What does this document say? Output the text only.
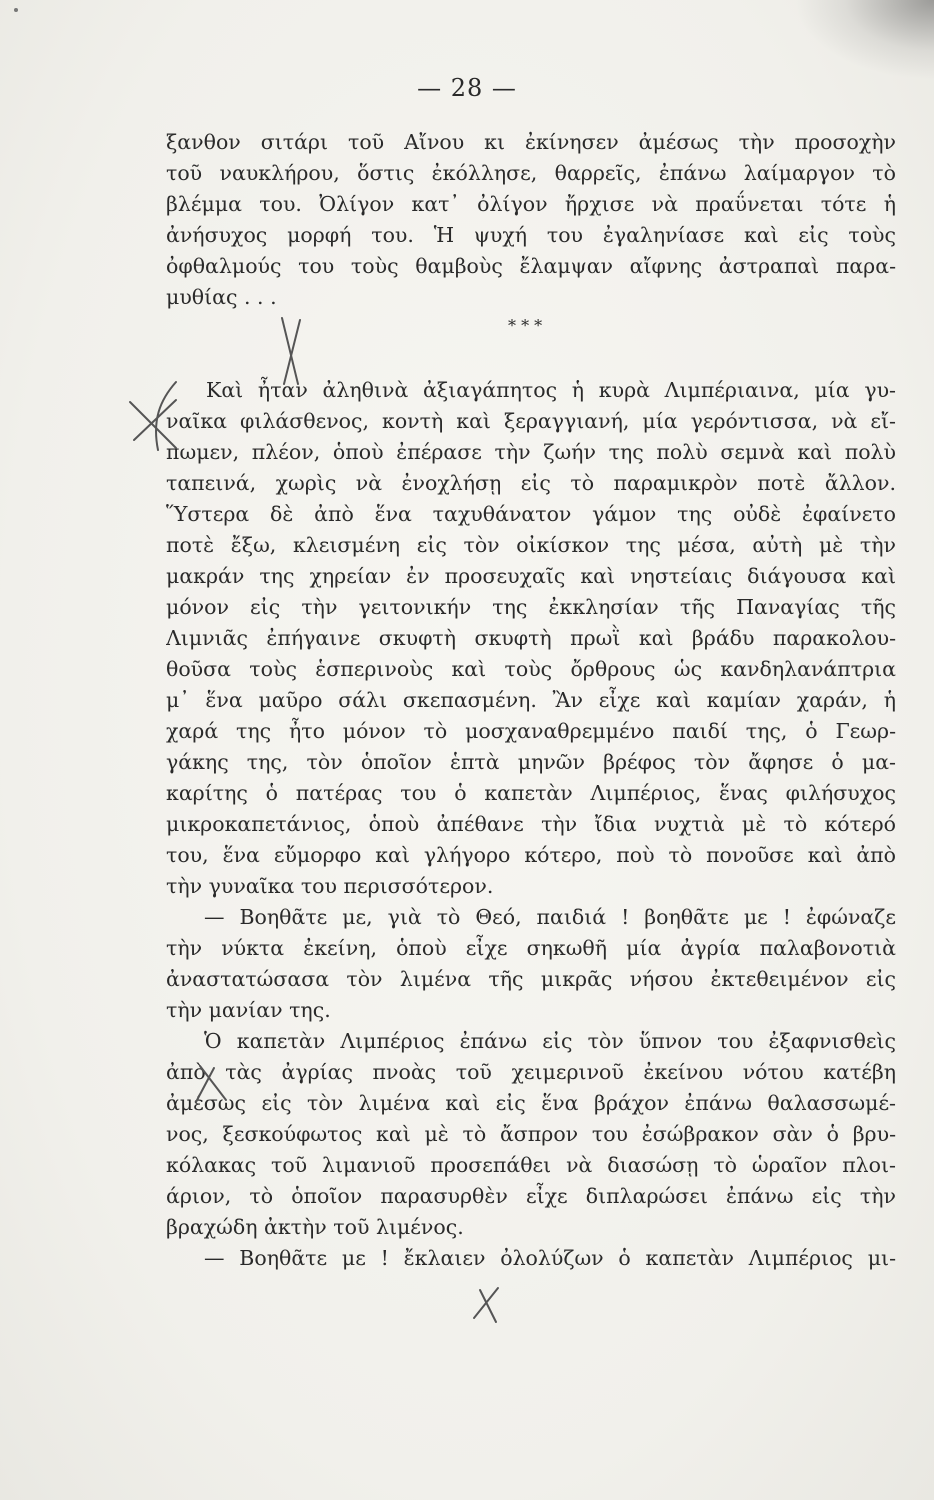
— 28 —
ξανθον σιτάρι τοῦ Αἴνου κι ἐκίνησεν ἀμέσως τὴν προσοχὴν
τοῦ ναυκλήρου, ὅστις ἐκόλλησε, θαρρεῖς, ἐπάνω λαίμαργον τὸ
βλέμμα του. Ὀλίγον κατ᾽ ὀλίγον ἤρχισε νὰ πραΰνεται τότε ἡ
ἀνήσυχος μορφή του. Ἡ ψυχή του ἐγαληνίασε καὶ εἰς τοὺς
ὀφθαλμούς του τοὺς θαμβοὺς ἔλαμψαν αἴφνης ἀστραπαὶ παρα-
μυθίας . . .
* * *
Καὶ ἦταν ἀληθινὰ ἀξιαγάπητος ἡ κυρὰ Λιμπέριαινα, μία γυ-
ναῖκα φιλάσθενος, κοντὴ καὶ ξεραγγιανή, μία γερόντισσα, νὰ εἴ-
πωμεν, πλέον, ὁποὺ ἐπέρασε τὴν ζωήν της πολὺ σεμνὰ καὶ πολὺ
ταπεινά, χωρὶς νὰ ἐνοχλήσῃ εἰς τὸ παραμικρὸν ποτὲ ἄλλον.
Ὕστερα δὲ ἀπὸ ἕνα ταχυθάνατον γάμον της οὐδὲ ἐφαίνετο
ποτὲ ἔξω, κλεισμένη εἰς τὸν οἰκίσκον της μέσα, αὐτὴ μὲ τὴν
μακράν της χηρείαν ἐν προσευχαῖς καὶ νηστείαις διάγουσα καὶ
μόνον εἰς τὴν γειτονικήν της ἐκκλησίαν τῆς Παναγίας τῆς
Λιμνιᾶς ἐπήγαινε σκυφτὴ σκυφτὴ πρωῒ καὶ βράδυ παρακολου-
θοῦσα τοὺς ἑσπερινοὺς καὶ τοὺς ὄρθρους ὡς κανδηλανάπτρια
μ᾽ ἕνα μαῦρο σάλι σκεπασμένη. Ἂν εἶχε καὶ καμίαν χαράν, ἡ
χαρά της ἦτο μόνον τὸ μοσχαναθρεμμένο παιδί της, ὁ Γεωρ-
γάκης της, τὸν ὁποῖον ἑπτὰ μηνῶν βρέφος τὸν ἄφησε ὁ μα-
καρίτης ὁ πατέρας του ὁ καπετὰν Λιμπέριος, ἕνας φιλήσυχος
μικροκαπετάνιος, ὁποὺ ἀπέθανε τὴν ἴδια νυχτιὰ μὲ τὸ κότερό
του, ἕνα εὔμορφο καὶ γλήγορο κότερο, ποὺ τὸ πονοῦσε καὶ ἀπὸ
τὴν γυναῖκα του περισσότερον.
— Βοηθᾶτε με, γιὰ τὸ Θεό, παιδιά ! βοηθᾶτε με ! ἐφώναζε
τὴν νύκτα ἐκείνη, ὁποὺ εἶχε σηκωθῆ μία ἀγρία παλαβονοτιὰ
ἀναστατώσασα τὸν λιμένα τῆς μικρᾶς νήσου ἐκτεθειμένον εἰς
τὴν μανίαν της.
Ὁ καπετὰν Λιμπέριος ἐπάνω εἰς τὸν ὕπνον του ἐξαφνισθεὶς
ἀπὸ τὰς ἀγρίας πνοὰς τοῦ χειμερινοῦ ἐκείνου νότου κατέβη
ἀμέσως εἰς τὸν λιμένα καὶ εἰς ἕνα βράχον ἐπάνω θαλασσωμέ-
νος, ξεσκούφωτος καὶ μὲ τὸ ἄσπρον του ἐσώβρακον σὰν ὁ βρυ-
κόλακας τοῦ λιμανιοῦ προσεπάθει νὰ διασώσῃ τὸ ὡραῖον πλοι-
άριον, τὸ ὁποῖον παρασυρθὲν εἶχε διπλαρώσει ἐπάνω εἰς τὴν
βραχώδη ἀκτὴν τοῦ λιμένος.
— Βοηθᾶτε με ! ἔκλαιεν ὀλολύζων ὁ καπετὰν Λιμπέριος μι-
